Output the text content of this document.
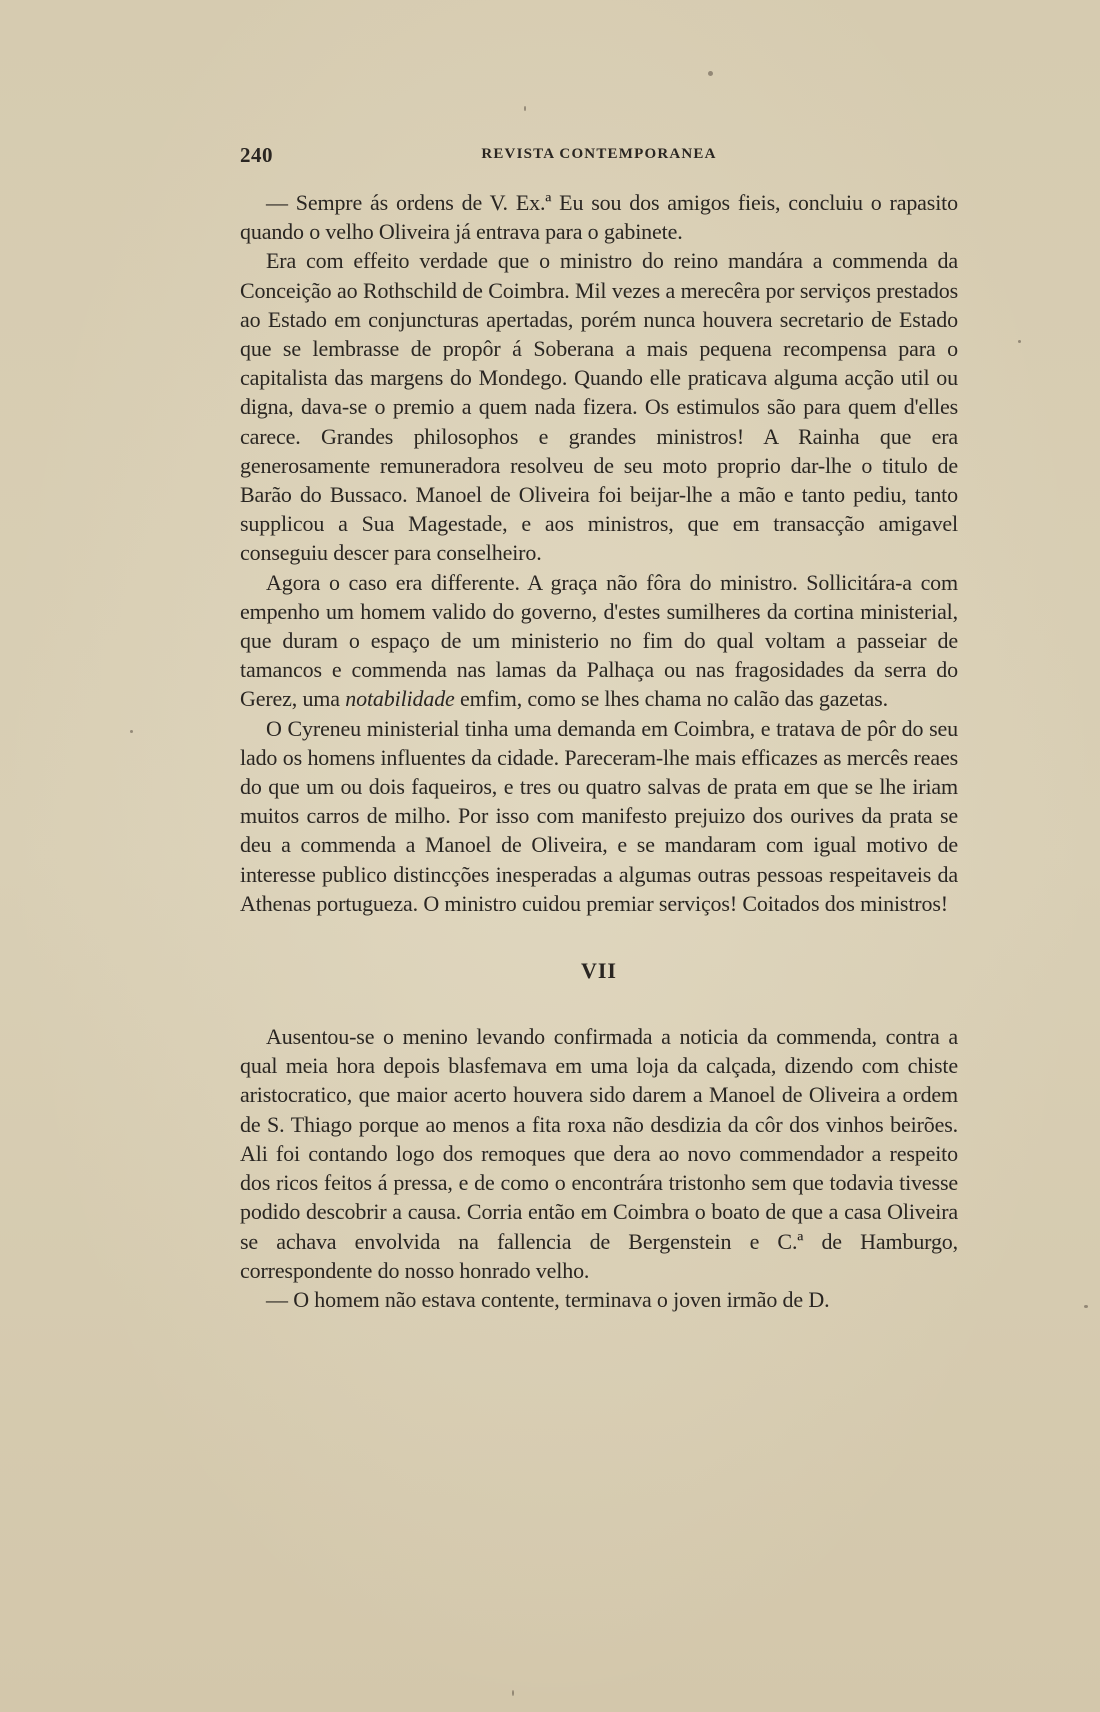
240	REVISTA CONTEMPORANEA

— Sempre ás ordens de V. Ex.ª Eu sou dos amigos fieis, concluiu o rapasito quando o velho Oliveira já entrava para o gabinete.

Era com effeito verdade que o ministro do reino mandára a commenda da Conceição ao Rothschild de Coimbra. Mil vezes a merecêra por serviços prestados ao Estado em conjuncturas apertadas, porém nunca houvera secretario de Estado que se lembrasse de propôr á Soberana a mais pequena recompensa para o capitalista das margens do Mondego. Quando elle praticava alguma acção util ou digna, dava-se o premio a quem nada fizera. Os estimulos são para quem d'elles carece. Grandes philosophos e grandes ministros! A Rainha que era generosamente remuneradora resolveu de seu moto proprio dar-lhe o titulo de Barão do Bussaco. Manoel de Oliveira foi beijar-lhe a mão e tanto pediu, tanto supplicou a Sua Magestade, e aos ministros, que em transacção amigavel conseguiu descer para conselheiro.

Agora o caso era differente. A graça não fôra do ministro. Sollicitára-a com empenho um homem valido do governo, d'estes sumilheres da cortina ministerial, que duram o espaço de um ministerio no fim do qual voltam a passeiar de tamancos e commenda nas lamas da Palhaça ou nas fragosidades da serra do Gerez, uma notabilidade emfim, como se lhes chama no calão das gazetas.

O Cyreneu ministerial tinha uma demanda em Coimbra, e tratava de pôr do seu lado os homens influentes da cidade. Pareceram-lhe mais efficazes as mercês reaes do que um ou dois faqueiros, e tres ou quatro salvas de prata em que se lhe iriam muitos carros de milho. Por isso com manifesto prejuizo dos ourives da prata se deu a commenda a Manoel de Oliveira, e se mandaram com igual motivo de interesse publico distincções inesperadas a algumas outras pessoas respeitaveis da Athenas portugueza. O ministro cuidou premiar serviços! Coitados dos ministros!

VII

Ausentou-se o menino levando confirmada a noticia da commenda, contra a qual meia hora depois blasfemava em uma loja da calçada, dizendo com chiste aristocratico, que maior acerto houvera sido darem a Manoel de Oliveira a ordem de S. Thiago porque ao menos a fita roxa não desdizia da côr dos vinhos beirões. Ali foi contando logo dos remoques que dera ao novo commendador a respeito dos ricos feitos á pressa, e de como o encontrára tristonho sem que todavia tivesse podido descobrir a causa. Corria então em Coimbra o boato de que a casa Oliveira se achava envolvida na fallencia de Bergenstein e C.ª de Hamburgo, correspondente do nosso honrado velho.

— O homem não estava contente, terminava o joven irmão de D.
